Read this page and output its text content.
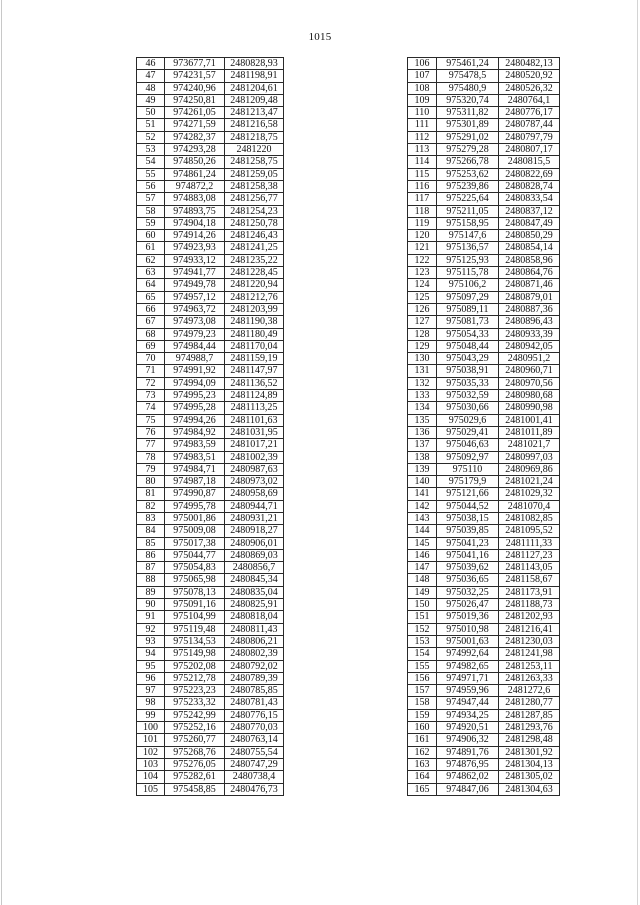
1015
46	973677,71	2480828,93
47	974231,57	2481198,91
48	974240,96	2481204,61
49	974250,81	2481209,48
50	974261,05	2481213,47
51	974271,59	2481216,58
52	974282,37	2481218,75
53	974293,28	2481220
54	974850,26	2481258,75
55	974861,24	2481259,05
56	974872,2	2481258,38
57	974883,08	2481256,77
58	974893,75	2481254,23
59	974904,18	2481250,78
60	974914,26	2481246,43
61	974923,93	2481241,25
62	974933,12	2481235,22
63	974941,77	2481228,45
64	974949,78	2481220,94
65	974957,12	2481212,76
66	974963,72	2481203,99
67	974973,08	2481190,38
68	974979,23	2481180,49
69	974984,44	2481170,04
70	974988,7	2481159,19
71	974991,92	2481147,97
72	974994,09	2481136,52
73	974995,23	2481124,89
74	974995,28	2481113,25
75	974994,26	2481101,63
76	974984,92	2481031,95
77	974983,59	2481017,21
78	974983,51	2481002,39
79	974984,71	2480987,63
80	974987,18	2480973,02
81	974990,87	2480958,69
82	974995,78	2480944,71
83	975001,86	2480931,21
84	975009,08	2480918,27
85	975017,38	2480906,01
86	975044,77	2480869,03
87	975054,83	2480856,7
88	975065,98	2480845,34
89	975078,13	2480835,04
90	975091,16	2480825,91
91	975104,99	2480818,04
92	975119,48	2480811,43
93	975134,53	2480806,21
94	975149,98	2480802,39
95	975202,08	2480792,02
96	975212,78	2480789,39
97	975223,23	2480785,85
98	975233,32	2480781,43
99	975242,99	2480776,15
100	975252,16	2480770,03
101	975260,77	2480763,14
102	975268,76	2480755,54
103	975276,05	2480747,29
104	975282,61	2480738,4
105	975458,85	2480476,73
106	975461,24	2480482,13
107	975478,5	2480520,92
108	975480,9	2480526,32
109	975320,74	2480764,1
110	975311,82	2480776,17
111	975301,89	2480787,44
112	975291,02	2480797,79
113	975279,28	2480807,17
114	975266,78	2480815,5
115	975253,62	2480822,69
116	975239,86	2480828,74
117	975225,64	2480833,54
118	975211,05	2480837,12
119	975158,95	2480847,49
120	975147,6	2480850,29
121	975136,57	2480854,14
122	975125,93	2480858,96
123	975115,78	2480864,76
124	975106,2	2480871,46
125	975097,29	2480879,01
126	975089,11	2480887,36
127	975081,73	2480896,43
128	975054,33	2480933,39
129	975048,44	2480942,05
130	975043,29	2480951,2
131	975038,91	2480960,71
132	975035,33	2480970,56
133	975032,59	2480980,68
134	975030,66	2480990,98
135	975029,6	2481001,41
136	975029,41	2481011,89
137	975046,63	2481021,7
138	975092,97	2480997,03
139	975110	2480969,86
140	975179,9	2481021,24
141	975121,66	2481029,32
142	975044,52	2481070,4
143	975038,15	2481082,85
144	975039,85	2481095,52
145	975041,23	2481111,33
146	975041,16	2481127,23
147	975039,62	2481143,05
148	975036,65	2481158,67
149	975032,25	2481173,91
150	975026,47	2481188,73
151	975019,36	2481202,93
152	975010,98	2481216,41
153	975001,63	2481230,03
154	974992,64	2481241,98
155	974982,65	2481253,11
156	974971,71	2481263,33
157	974959,96	2481272,6
158	974947,44	2481280,77
159	974934,25	2481287,85
160	974920,51	2481293,76
161	974906,32	2481298,48
162	974891,76	2481301,92
163	974876,95	2481304,13
164	974862,02	2481305,02
165	974847,06	2481304,63
